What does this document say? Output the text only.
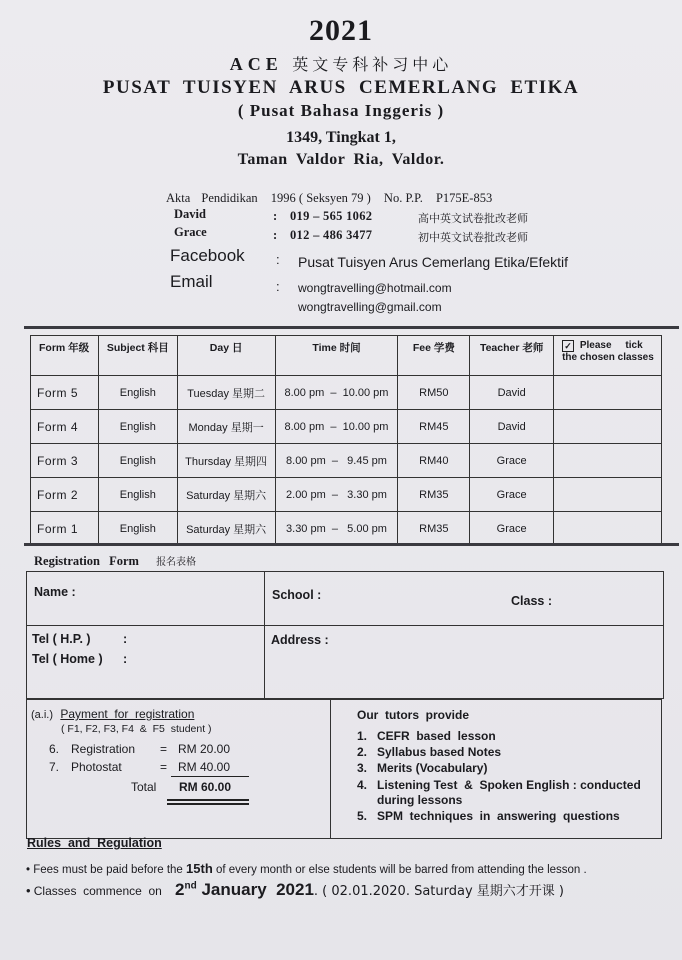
2021
ACE 英文专科补习中心
PUSAT TUISYEN ARUS CEMERLANG ETIKA
( Pusat Bahasa Inggeris )
1349, Tingkat 1,
Taman Valdor Ria, Valdor.
Akta Pendidikan 1996 ( Seksyen 79 ) No. P.P. P175E-853
David	: 019 – 565 1062	高中英文试卷批改老师
Grace	: 012 – 486 3477	初中英文试卷批改老师
Facebook : Pusat Tuisyen Arus Cemerlang Etika/Efektif
Email	: wongtravelling@hotmail.com
wongtravelling@gmail.com
Form 年级	Subject 科目	Day 日	Time 时间	Fee 学费	Teacher 老师	✓ Please     tick
the chosen classes
Form 5	English	Tuesday 星期二	8.00 pm  –  10.00 pm	RM50	David	
Form 4	English	Monday 星期一	8.00 pm  –  10.00 pm	RM45	David	
Form 3	English	Thursday 星期四	8.00 pm  –   9.45 pm	RM40	Grace	
Form 2	English	Saturday 星期六	2.00 pm  –   3.30 pm	RM35	Grace	
Form 1	English	Saturday 星期六	3.30 pm  –   5.00 pm	RM35	Grace	
Registration Form 报名表格
Name :	School :	Class :
Tel ( H.P. )	:
Tel ( Home ) :
Address :
(a.i.) Payment  for  registration
( F1, F2, F3, F4  &  F5  student )
6. Registration = RM 20.00
7. Photostat	= RM 40.00
Total RM 60.00
Our  tutors  provide
1. CEFR  based  lesson
2. Syllabus based Notes
3. Merits (Vocabulary)
4. Listening Test  &  Spoken English : conducted
during lessons
5. SPM  techniques  in  answering  questions
Rules  and  Regulation
• Fees must be paid before the 15th of every month or else students will be barred from attending the lesson .
• Classes  commence  on 2nd January  2021. ( 02.01.2020. Saturday 星期六才开课 )
